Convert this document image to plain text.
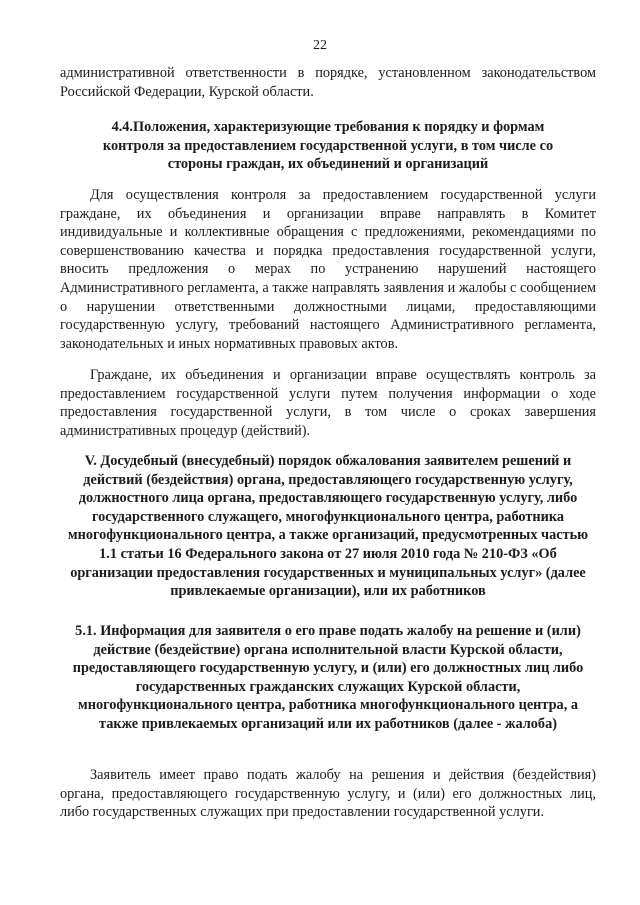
22

административной ответственности в порядке, установленном законодательством Российской Федерации, Курской области.

4.4.Положения, характеризующие требования к порядку и формам контроля за предоставлением государственной услуги, в том числе со стороны граждан, их объединений и организаций

Для осуществления контроля за предоставлением государственной услуги граждане, их объединения и организации вправе направлять в Комитет индивидуальные и коллективные обращения с предложениями, рекомендациями по совершенствованию качества и порядка предоставления государственной услуги, вносить предложения о мерах по устранению нарушений настоящего Административного регламента, а также направлять заявления и жалобы с сообщением о нарушении ответственными должностными лицами, предоставляющими государственную услугу, требований настоящего Административного регламента, законодательных и иных нормативных правовых актов.

Граждане, их объединения и организации вправе осуществлять контроль за предоставлением государственной услуги путем получения информации о ходе предоставления государственной услуги, в том числе о сроках завершения административных процедур (действий).

V. Досудебный (внесудебный) порядок обжалования заявителем решений и действий (бездействия) органа, предоставляющего государственную услугу, должностного лица органа, предоставляющего государственную услугу, либо государственного служащего, многофункционального центра, работника многофункционального центра, а также организаций, предусмотренных частью 1.1 статьи 16 Федерального закона от 27 июля 2010 года № 210-ФЗ «Об организации предоставления государственных и муниципальных услуг» (далее привлекаемые организации), или их работников

5.1. Информация для заявителя о его праве подать жалобу на решение и (или) действие (бездействие) органа исполнительной власти Курской области, предоставляющего государственную услугу, и (или) его должностных лиц либо государственных гражданских служащих Курской области, многофункционального центра, работника многофункционального центра, а также привлекаемых организаций или их работников (далее - жалоба)

Заявитель имеет право подать жалобу на решения и действия (бездействия) органа, предоставляющего государственную услугу, и (или) его должностных лиц, либо государственных служащих при предоставлении государственной услуги.
